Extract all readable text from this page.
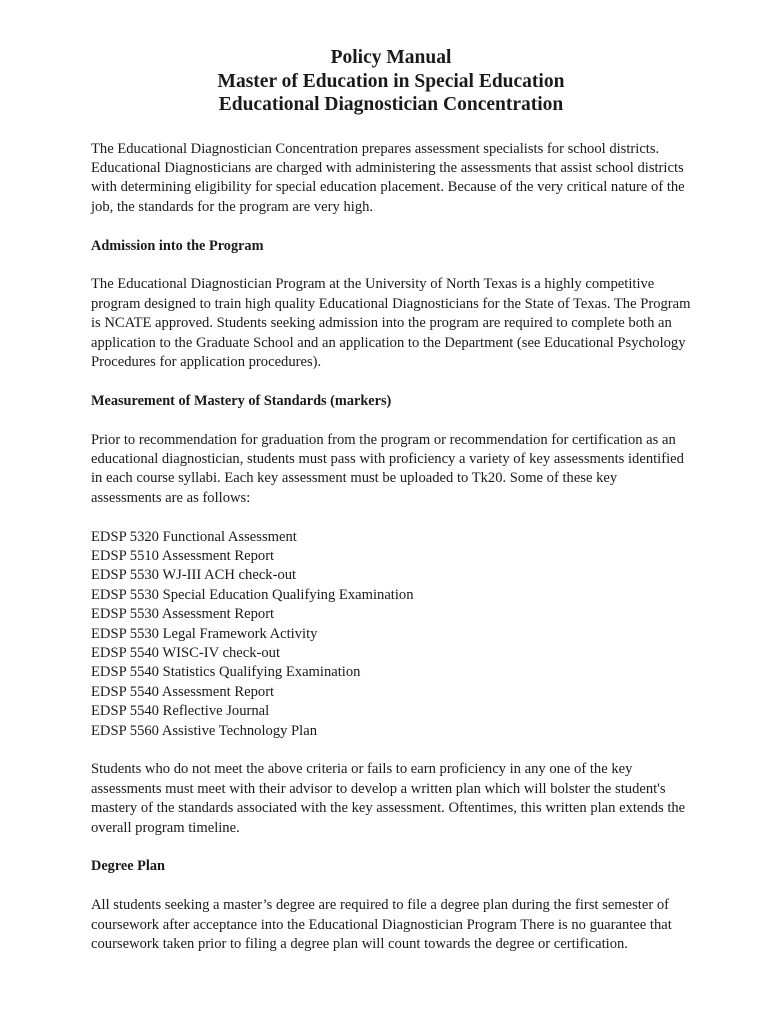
Policy Manual
Master of Education in Special Education
Educational Diagnostician Concentration

The Educational Diagnostician Concentration prepares assessment specialists for school districts. Educational Diagnosticians are charged with administering the assessments that assist school districts with determining eligibility for special education placement. Because of the very critical nature of the job, the standards for the program are very high.

Admission into the Program

The Educational Diagnostician Program at the University of North Texas is a highly competitive program designed to train high quality Educational Diagnosticians for the State of Texas. The Program is NCATE approved. Students seeking admission into the program are required to complete both an application to the Graduate School and an application to the Department (see Educational Psychology Procedures for application procedures).

Measurement of Mastery of Standards (markers)

Prior to recommendation for graduation from the program or recommendation for certification as an educational diagnostician, students must pass with proficiency a variety of key assessments identified in each course syllabi. Each key assessment must be uploaded to Tk20. Some of these key assessments are as follows:

EDSP 5320 Functional Assessment
EDSP 5510 Assessment Report
EDSP 5530 WJ-III ACH check-out
EDSP 5530 Special Education Qualifying Examination
EDSP 5530 Assessment Report
EDSP 5530 Legal Framework Activity
EDSP 5540 WISC-IV check-out
EDSP 5540 Statistics Qualifying Examination
EDSP 5540 Assessment Report
EDSP 5540 Reflective Journal
EDSP 5560 Assistive Technology Plan

Students who do not meet the above criteria or fails to earn proficiency in any one of the key assessments must meet with their advisor to develop a written plan which will bolster the student's mastery of the standards associated with the key assessment. Oftentimes, this written plan extends the overall program timeline.

Degree Plan

All students seeking a master’s degree are required to file a degree plan during the first semester of coursework after acceptance into the Educational Diagnostician Program There is no guarantee that coursework taken prior to filing a degree plan will count towards the degree or certification.
